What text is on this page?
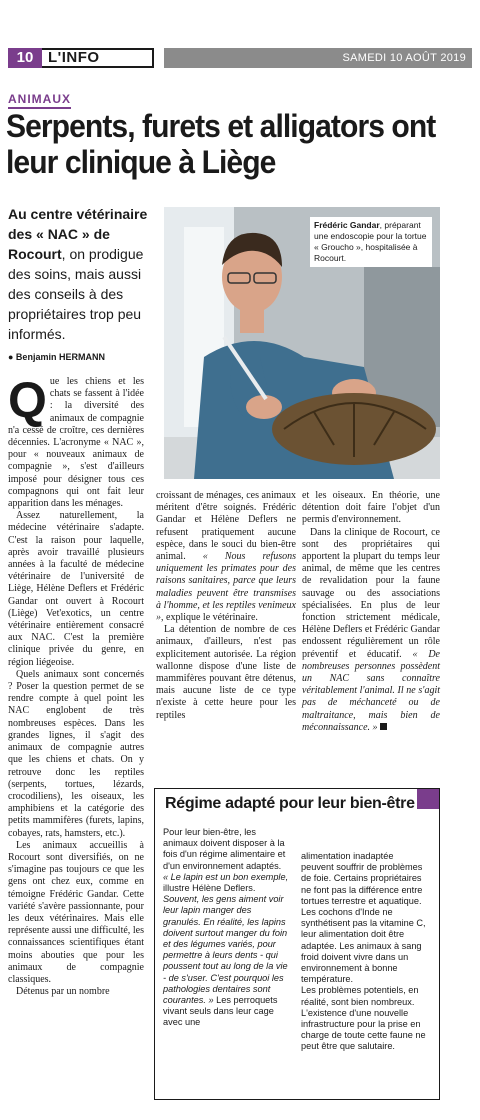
10 L'INFO	SAMEDI 10 AOÛT 2019
ANIMAUX
Serpents, furets et alligators ont leur clinique à Liège
Au centre vétérinaire des « NAC » de Rocourt, on prodigue des soins, mais aussi des conseils à des propriétaires trop peu informés.
● Benjamin HERMANN
Frédéric Gandar, préparant une endoscopie pour la tortue « Groucho », hospitalisée à Rocourt.

Que les chiens et les chats se fassent à l'idée : la diversité des animaux de compagnie n'a cessé de croître, ces dernières décennies. L'acronyme « NAC », pour « nouveaux animaux de compagnie », s'est d'ailleurs imposé pour désigner tous ces compagnons qui ont fait leur apparition dans les ménages.

Assez naturellement, la médecine vétérinaire s'adapte. C'est la raison pour laquelle, après avoir travaillé plusieurs années à la faculté de médecine vétérinaire de l'université de Liège, Hélène Deflers et Frédéric Gandar ont ouvert à Rocourt (Liège) Vet'exotics, un centre vétérinaire entièrement consacré aux NAC. C'est la première clinique privée du genre, en région liégeoise.

Quels animaux sont concernés ? Poser la question permet de se rendre compte à quel point les NAC englobent de très nombreuses espèces. Dans les grandes lignes, il s'agit des animaux de compagnie autres que les chiens et chats. On y retrouve donc les reptiles (serpents, tortues, lézards, crocodiliens), les oiseaux, les amphibiens et la catégorie des petits mammifères (furets, lapins, cobayes, rats, hamsters, etc.).

Les animaux accueillis à Rocourt sont diversifiés, on ne s'imagine pas toujours ce que les gens ont chez eux, comme en témoigne Frédéric Gandar. Cette variété s'avère passionnante, pour les deux vétérinaires. Mais elle représente aussi une difficulté, les connaissances scientifiques étant moins abouties que pour les animaux de compagnie classiques.

Détenus par un nombre

croissant de ménages, ces animaux méritent d'être soignés. Frédéric Gandar et Hélène Deflers ne refusent pratiquement aucune espèce, dans le souci du bien-être animal. « Nous refusons uniquement les primates pour des raisons sanitaires, parce que leurs maladies peuvent être transmises à l'homme, et les reptiles venimeux », explique le vétérinaire.

La détention de nombre de ces animaux, d'ailleurs, n'est pas explicitement autorisée. La région wallonne dispose d'une liste de mammifères pouvant être détenus, mais aucune liste de ce type n'existe à cette heure pour les reptiles

et les oiseaux. En théorie, une détention doit faire l'objet d'un permis d'environnement.

Dans la clinique de Rocourt, ce sont des propriétaires qui apportent la plupart du temps leur animal, de même que les centres de revalidation pour la faune sauvage ou des associations spécialisées. En plus de leur fonction strictement médicale, Hélène Deflers et Frédéric Gandar endossent régulièrement un rôle préventif et éducatif. « De nombreuses personnes possèdent un NAC sans connaître véritablement l'animal. Il ne s'agit pas de méchanceté ou de maltraitance, mais bien de méconnaissance. »

Régime adapté pour leur bien-être
Pour leur bien-être, les animaux doivent disposer à la fois d'un régime alimentaire et d'un environnement adaptés.
« Le lapin est un bon exemple, illustre Hélène Deflers. Souvent, les gens aiment voir leur lapin manger des granulés. En réalité, les lapins doivent surtout manger du foin et des légumes variés, pour permettre à leurs dents - qui poussent tout au long de la vie - de s'user. C'est pourquoi les pathologies dentaires sont courantes. » Les perroquets vivant seuls dans leur cage avec une
alimentation inadaptée peuvent souffrir de problèmes de foie. Certains propriétaires ne font pas la différence entre tortues terrestre et aquatique. Les cochons d'Inde ne synthétisent pas la vitamine C, leur alimentation doit être adaptée. Les animaux à sang froid doivent vivre dans un environnement à bonne température.
Les problèmes potentiels, en réalité, sont bien nombreux. L'existence d'une nouvelle infrastructure pour la prise en charge de toute cette faune ne peut être que salutaire.
